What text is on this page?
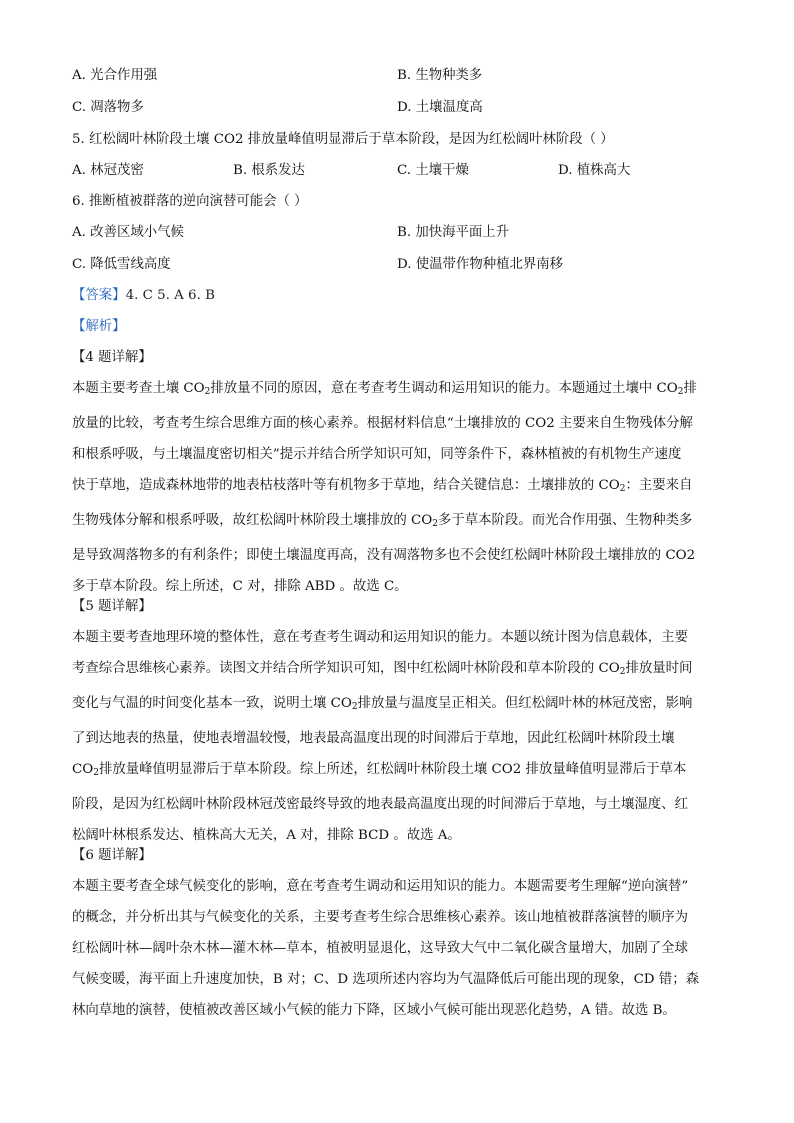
A. 光合作用强	B. 生物种类多
C. 凋落物多	D. 土壤温度高
5. 红松阔叶林阶段土壤 CO2 排放量峰值明显滞后于草本阶段，是因为红松阔叶林阶段（ ）
A. 林冠茂密	B. 根系发达	C. 土壤干燥	D. 植株高大
6. 推断植被群落的逆向演替可能会（ ）
A. 改善区域小气候	B. 加快海平面上升
C. 降低雪线高度	D. 使温带作物种植北界南移
【答案】4. C 5. A 6. B
【解析】
【4 题详解】
本题主要考查土壤 $CO_2$排放量不同的原因，意在考查考生调动和运用知识的能力。本题通过土壤中 $CO_2$排
放量的比较，考查考生综合思维方面的核心素养。根据材料信息“土壤排放的 CO2 主要来自生物残体分解
和根系呼吸，与土壤温度密切相关”提示并结合所学知识可知，同等条件下，森林植被的有机物生产速度
快于草地，造成森林地带的地表枯枝落叶等有机物多于草地，结合关键信息：土壤排放的 $CO_2$：主要来自
生物残体分解和根系呼吸，故红松阔叶林阶段土壤排放的 $CO_2$多于草本阶段。而光合作用强、生物种类多
是导致凋落物多的有利条件；即使土壤温度再高，没有凋落物多也不会使红松阔叶林阶段土壤排放的 CO2
多于草本阶段。综上所述，C 对，排除 ABD 。故选 C。
【5 题详解】
本题主要考查地理环境的整体性，意在考查考生调动和运用知识的能力。本题以统计图为信息载体，主要
考查综合思维核心素养。读图文并结合所学知识可知，图中红松阔叶林阶段和草本阶段的 $CO_2$排放量时间
变化与气温的时间变化基本一致，说明土壤 $CO_2$排放量与温度呈正相关。但红松阔叶林的林冠茂密，影响
了到达地表的热量，使地表增温较慢，地表最高温度出现的时间滞后于草地，因此红松阔叶林阶段土壤
$CO_2$排放量峰值明显滞后于草本阶段。综上所述，红松阔叶林阶段土壤 CO2 排放量峰值明显滞后于草本
阶段，是因为红松阔叶林阶段林冠茂密最终导致的地表最高温度出现的时间滞后于草地，与土壤湿度、红
松阔叶林根系发达、植株高大无关，A 对，排除 BCD 。故选 A。
【6 题详解】
本题主要考查全球气候变化的影响，意在考查考生调动和运用知识的能力。本题需要考生理解“逆向演替”
的概念，并分析出其与气候变化的关系，主要考查考生综合思维核心素养。该山地植被群落演替的顺序为
红松阔叶林—阔叶杂木林—灌木林—草本，植被明显退化，这导致大气中二氧化碳含量增大，加剧了全球
气候变暖，海平面上升速度加快，B 对；C、D 选项所述内容均为气温降低后可能出现的现象，CD 错；森
林向草地的演替，使植被改善区域小气候的能力下降，区域小气候可能出现恶化趋势，A 错。故选 B。
